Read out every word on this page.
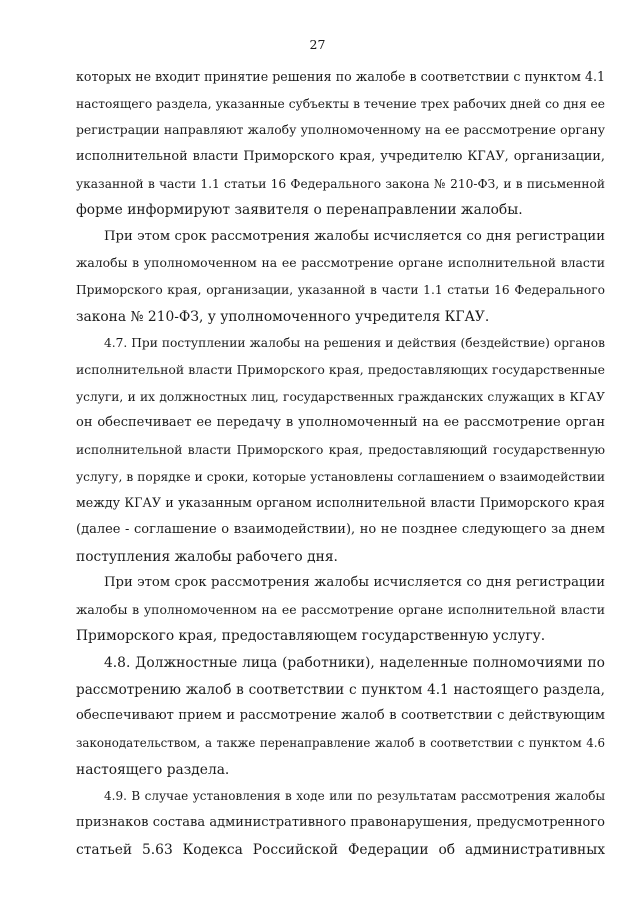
27
которых не входит принятие решения по жалобе в соответствии с пунктом 4.1
настоящего раздела, указанные субъекты в течение трех рабочих дней со дня ее
регистрации направляют жалобу уполномоченному на ее рассмотрение органу
исполнительной власти Приморского края, учредителю КГАУ, организации,
указанной в части 1.1 статьи 16 Федерального закона № 210-ФЗ, и в письменной
форме информируют заявителя о перенаправлении жалобы.
При этом срок рассмотрения жалобы исчисляется со дня регистрации
жалобы в уполномоченном на ее рассмотрение органе исполнительной власти
Приморского края, организации, указанной в части 1.1 статьи 16 Федерального
закона № 210-ФЗ, у уполномоченного учредителя КГАУ.
4.7. При поступлении жалобы на решения и действия (бездействие) органов
исполнительной власти Приморского края, предоставляющих государственные
услуги, и их должностных лиц, государственных гражданских служащих в КГАУ
он обеспечивает ее передачу в уполномоченный на ее рассмотрение орган
исполнительной власти Приморского края, предоставляющий государственную
услугу, в порядке и сроки, которые установлены соглашением о взаимодействии
между КГАУ и указанным органом исполнительной власти Приморского края
(далее - соглашение о взаимодействии), но не позднее следующего за днем
поступления жалобы рабочего дня.
При этом срок рассмотрения жалобы исчисляется со дня регистрации
жалобы в уполномоченном на ее рассмотрение органе исполнительной власти
Приморского края, предоставляющем государственную услугу.
4.8. Должностные лица (работники), наделенные полномочиями по
рассмотрению жалоб в соответствии с пунктом 4.1 настоящего раздела,
обеспечивают прием и рассмотрение жалоб в соответствии с действующим
законодательством, а также перенаправление жалоб в соответствии с пунктом 4.6
настоящего раздела.
4.9. В случае установления в ходе или по результатам рассмотрения жалобы
признаков состава административного правонарушения, предусмотренного
статьей 5.63 Кодекса Российской Федерации об административных
